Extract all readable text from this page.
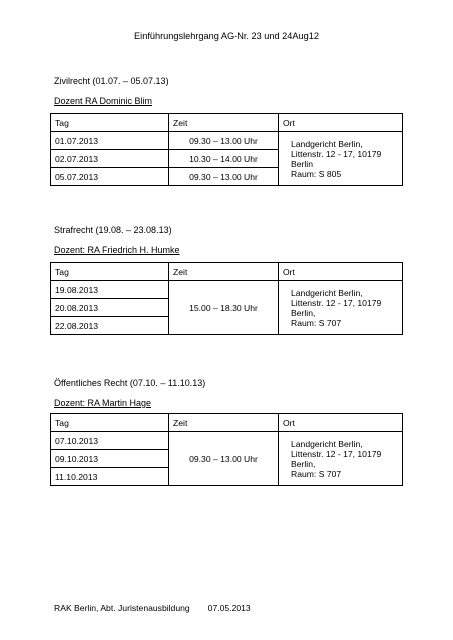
Einführungslehrgang AG-Nr. 23 und 24Aug12
Zivilrecht (01.07. – 05.07.13)
Dozent RA Dominic Blim
Tag	Zeit	Ort
01.07.2013	09.30 – 13.00 Uhr	Landgericht Berlin,
Littenstr. 12 - 17, 10179 Berlin
Raum: S 805

02.07.2013	10.30 – 14.00 Uhr	
05.07.2013	09.30 – 13.00 Uhr	
Strafrecht (19.08. – 23.08.13)
Dozent: RA Friedrich H. Humke
Tag	Zeit	Ort
19.08.2013	15.00 – 18.30 Uhr	Landgericht Berlin,
Littenstr. 12 - 17, 10179 Berlin,
Raum: S 707

20.08.2013		
22.08.2013		
Öffentliches Recht (07.10. – 11.10.13)
Dozent: RA Martin Hage
Tag	Zeit	Ort
07.10.2013	09.30 – 13.00 Uhr	Landgericht Berlin,
Littenstr. 12 - 17, 10179 Berlin,
Raum: S 707

09.10.2013		
11.10.2013		
RAK Berlin, Abt. Juristenausbildung 07.05.2013
